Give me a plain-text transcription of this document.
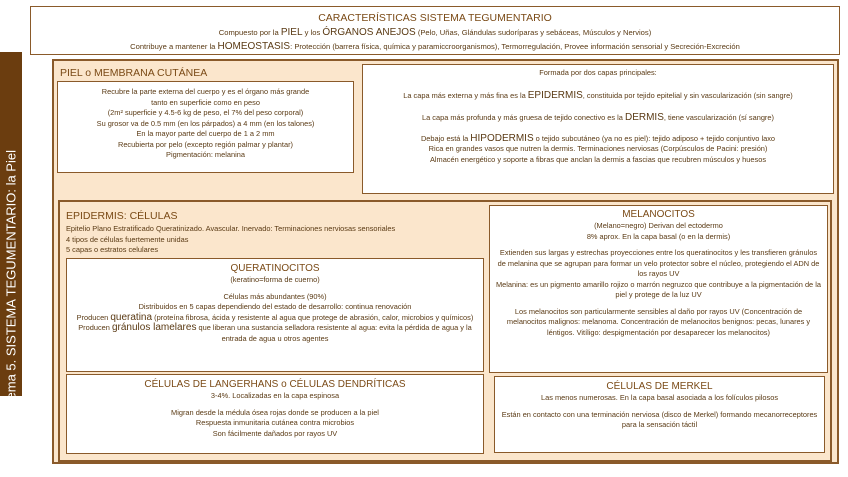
Tema 5. SISTEMA TEGUMENTARIO: la Piel
CARACTERÍSTICAS SISTEMA TEGUMENTARIO
Compuesto por la PIEL y los ÓRGANOS ANEJOS (Pelo, Uñas, Glándulas sudoríparas y sebáceas, Músculos y Nervios)
Contribuye a mantener la HOMEOSTASIS: Protección (barrera física, química y paramiccroorganismos), Termorregulación, Provee información sensorial y Secreción-Excreción
PIEL o MEMBRANA CUTÁNEA
Recubre la parte externa del cuerpo y es el órgano más grande
tanto en superficie como en peso
(2m² superficie y 4.5-6 kg de peso, el 7% del peso corporal)
Su grosor va de 0.5 mm (en los párpados) a 4 mm (en los talones)
En la mayor parte del cuerpo de 1 a 2 mm
Recubierta por pelo (excepto región palmar y plantar)
Pigmentación: melanina
Formada por dos capas principales:
La capa más externa y más fina es la EPIDERMIS, constituida por tejido epitelial y sin vascularización (sin sangre)
La capa más profunda y más gruesa de tejido conectivo es la DERMIS, tiene vascularización (sí sangre)
Debajo está la HIPODERMIS o tejido subcutáneo (ya no es piel): tejido adiposo + tejido conjuntivo laxo
Rica en grandes vasos que nutren la dermis. Terminaciones nerviosas (Corpúsculos de Pacini: presión)
Almacén energético y soporte a fibras que anclan la dermis a fascias que recubren músculos y huesos
EPIDERMIS: CÉLULAS
Epitelio Plano Estratificado Queratinizado. Avascular. Inervado: Terminaciones nerviosas sensoriales
4 tipos de células fuertemente unidas
5 capas o estratos celulares
QUERATINOCITOS
(keratino=forma de cuerno)
Células más abundantes (90%)
Distribuidos en 5 capas dependiendo del estado de desarrollo: continua renovación
Producen queratina (proteína fibrosa, ácida y resistente al agua que protege de abrasión, calor, microbios y químicos)
Producen gránulos lamelares que liberan una sustancia selladora resistente al agua: evita la pérdida de agua y la entrada de agua u otros agentes
MELANOCITOS
(Melano=negro) Derivan del ectodermo
8% aprox. En la capa basal (o en la dermis)
Extienden sus largas y estrechas proyecciones entre los queratinocitos y les transfieren gránulos de melanina que se agrupan para formar un velo protector sobre el núcleo, protegiendo el ADN de los rayos UV
Melanina: es un pigmento amarillo rojizo o marrón negruzco que contribuye a la pigmentación de la piel y protege de la luz UV
Los melanocitos son particularmente sensibles al daño por rayos UV (Concentración de melanocitos malignos: melanoma. Concentración de melanocitos benignos: pecas, lunares y léntigos. Vitíligo: despigmentación por desaparecer los melanocitos)
CÉLULAS DE LANGERHANS o CÉLULAS DENDRÍTICAS
3-4%. Localizadas en la capa espinosa
Migran desde la médula ósea rojas donde se producen a la piel
Respuesta inmunitaria cutánea contra microbios
Son fácilmente dañados por rayos UV
CÉLULAS DE MERKEL
Las menos numerosas. En la capa basal asociada a los folículos pilosos
Están en contacto con una terminación nerviosa (disco de Merkel) formando mecanorreceptores para la sensación táctil
